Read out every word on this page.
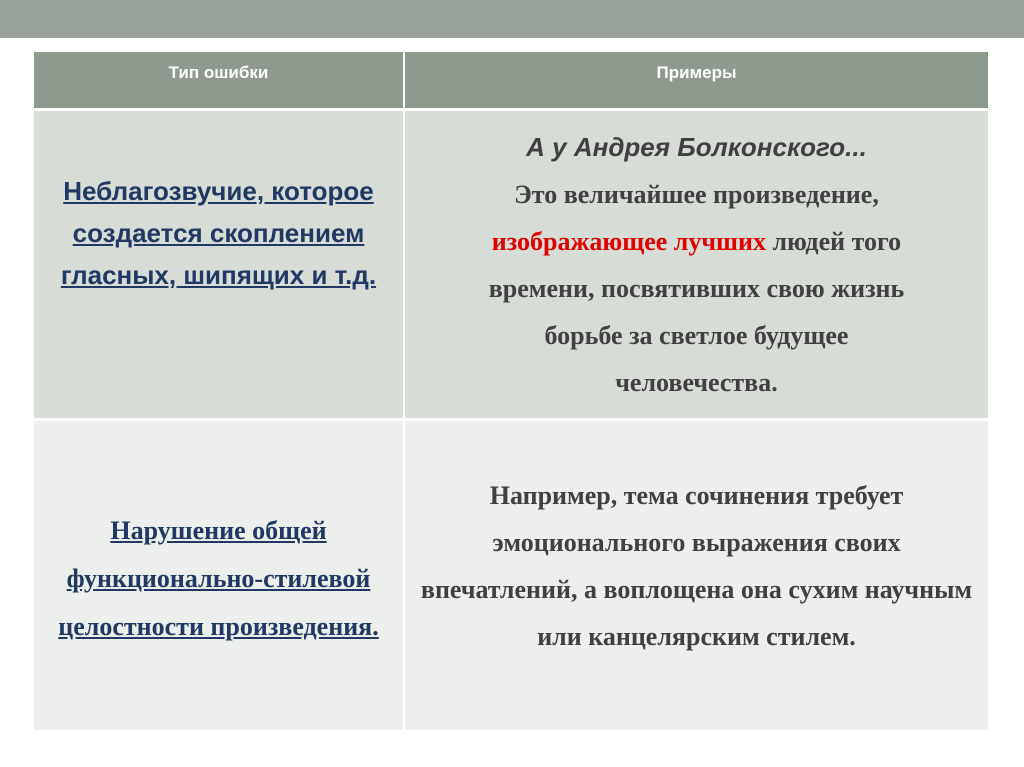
Тип ошибки	Примеры
Неблагозвучие, которое создается скоплением гласных, шипящих и т.д.
А у Андрея Болконского...
Это величайшее произведение,
изображающее лучших людей того
времени, посвятивших свою жизнь
борьбе за светлое будущее
человечества.
Нарушение общей функционально-стилевой целостности произведения.
Например, тема сочинения требует эмоционального выражения своих впечатлений, а воплощена она сухим научным или канцелярским стилем.
